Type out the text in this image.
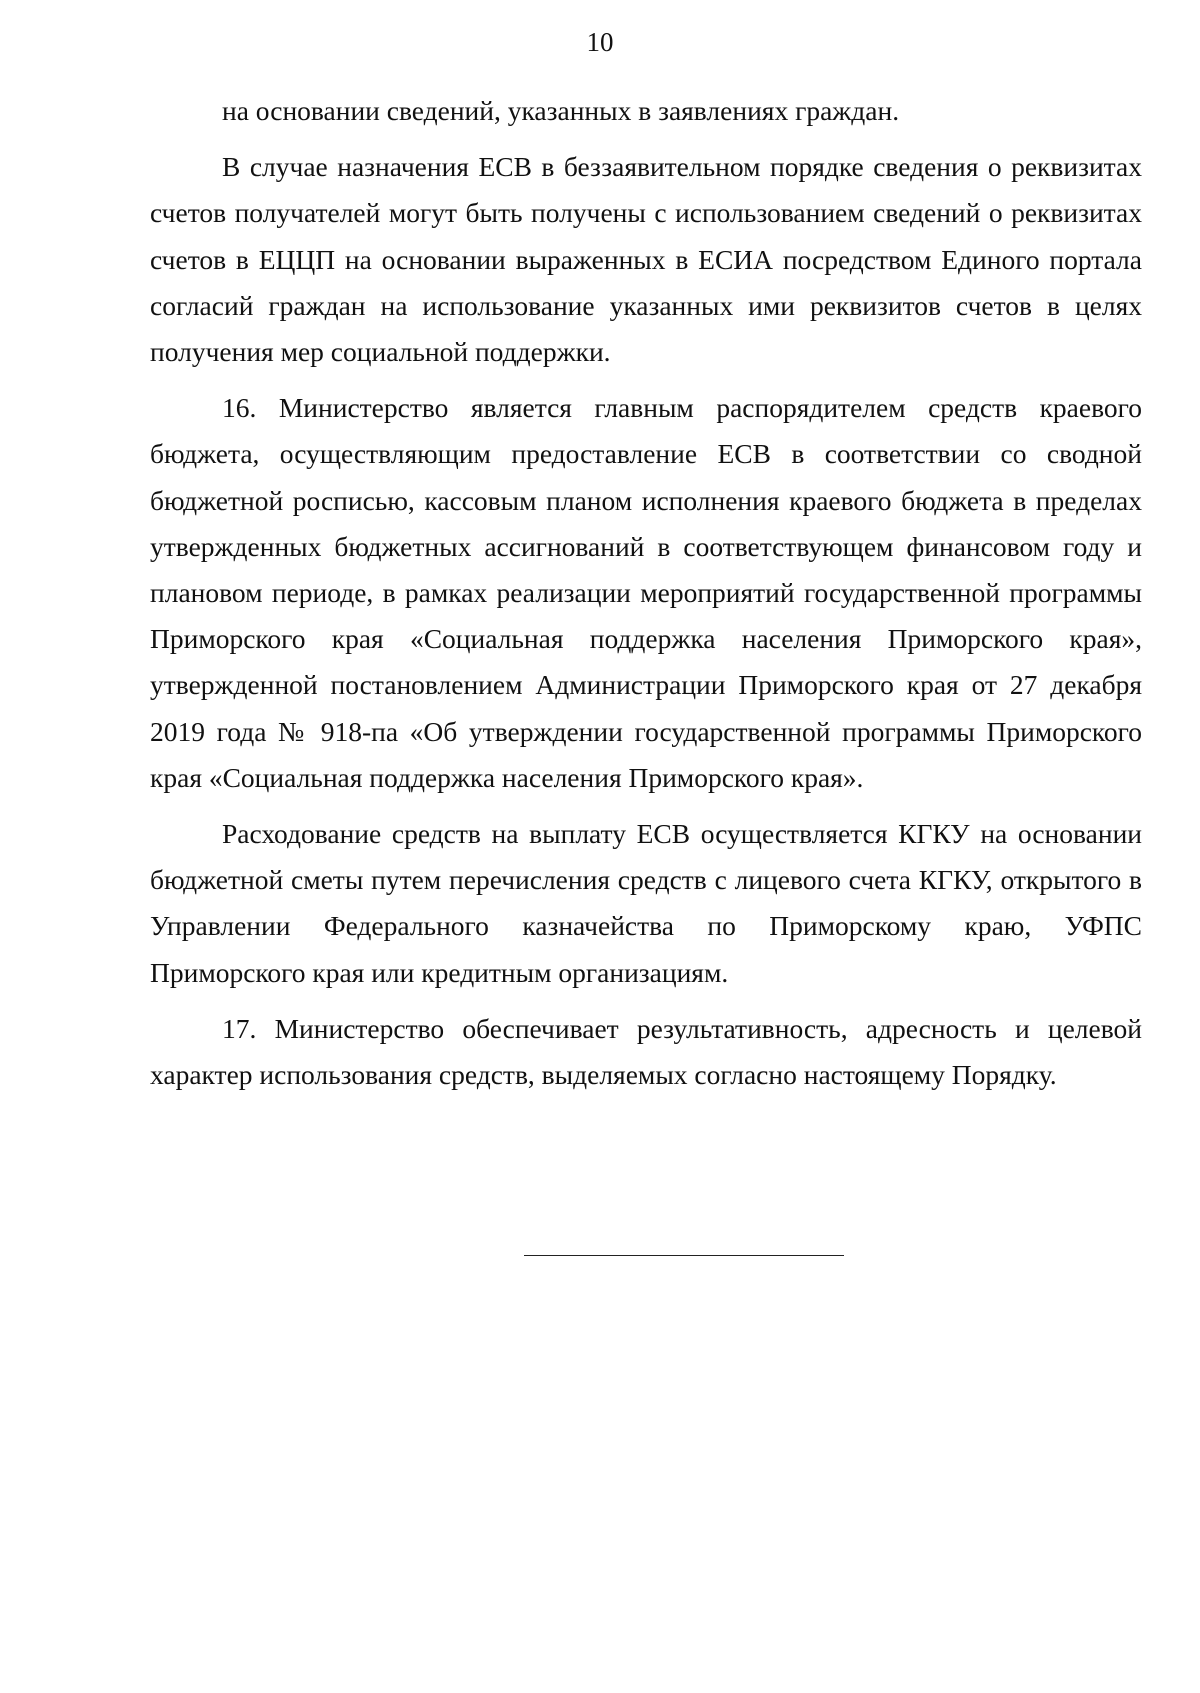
10

на основании сведений, указанных в заявлениях граждан.

В случае назначения ЕСВ в беззаявительном порядке сведения о реквизитах счетов получателей могут быть получены с использованием сведений о реквизитах счетов в ЕЦЦП на основании выраженных в ЕСИА посредством Единого портала согласий граждан на использование указанных ими реквизитов счетов в целях получения мер социальной поддержки.

16. Министерство является главным распорядителем средств краевого бюджета, осуществляющим предоставление ЕСВ в соответствии со сводной бюджетной росписью, кассовым планом исполнения краевого бюджета в пределах утвержденных бюджетных ассигнований в соответствующем финансовом году и плановом периоде, в рамках реализации мероприятий государственной программы Приморского края «Социальная поддержка населения Приморского края», утвержденной постановлением Администрации Приморского края от 27 декабря 2019 года № 918-па «Об утверждении государственной программы Приморского края «Социальная поддержка населения Приморского края».

Расходование средств на выплату ЕСВ осуществляется КГКУ на основании бюджетной сметы путем перечисления средств с лицевого счета КГКУ, открытого в Управлении Федерального казначейства по Приморскому краю, УФПС Приморского края или кредитным организациям.

17. Министерство обеспечивает результативность, адресность и целевой характер использования средств, выделяемых согласно настоящему Порядку.
